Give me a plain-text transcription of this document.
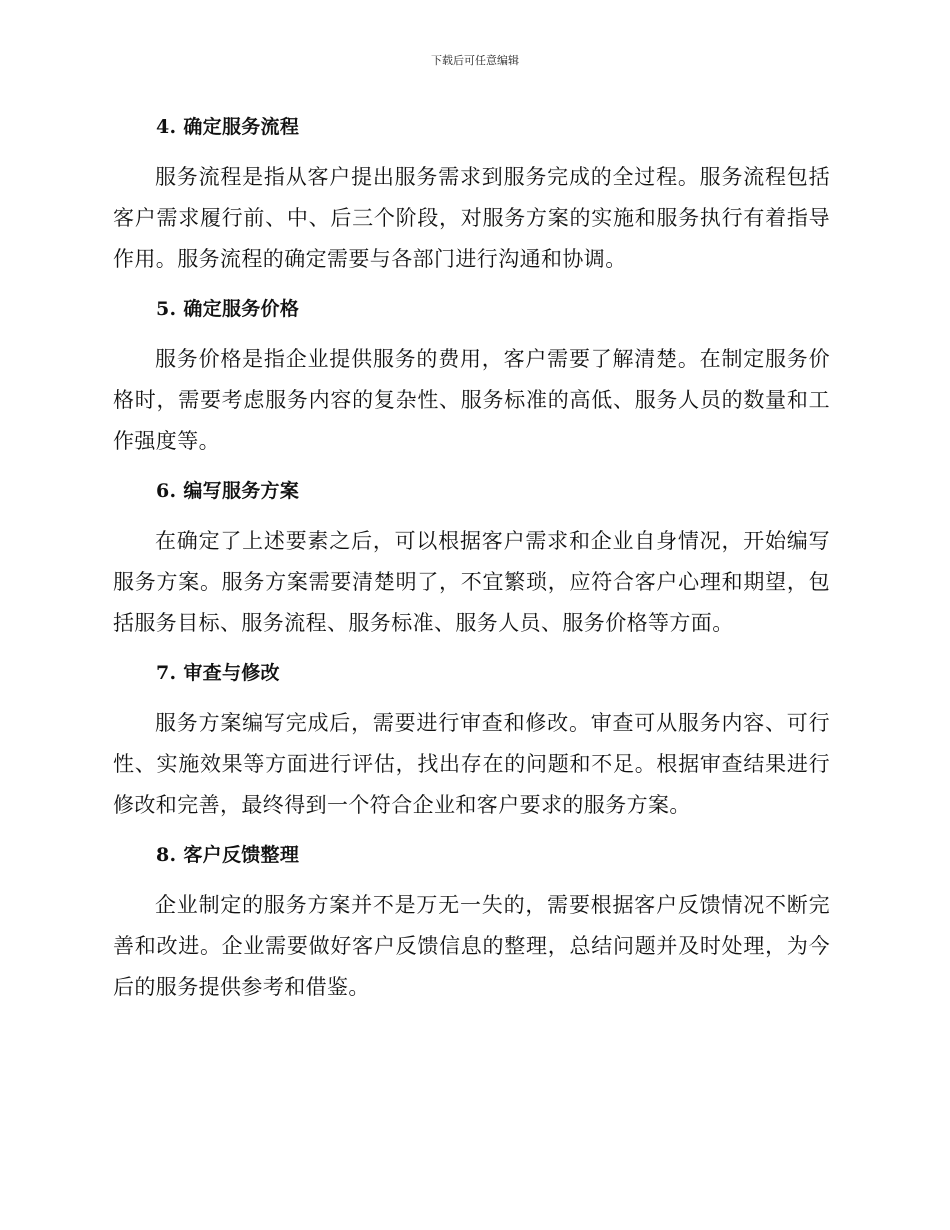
下载后可任意编辑
4. 确定服务流程

服务流程是指从客户提出服务需求到服务完成的全过程。服务流程包括客户需求履行前、中、后三个阶段，对服务方案的实施和服务执行有着指导作用。服务流程的确定需要与各部门进行沟通和协调。

5. 确定服务价格

服务价格是指企业提供服务的费用，客户需要了解清楚。在制定服务价格时，需要考虑服务内容的复杂性、服务标准的高低、服务人员的数量和工作强度等。

6. 编写服务方案

在确定了上述要素之后，可以根据客户需求和企业自身情况，开始编写服务方案。服务方案需要清楚明了，不宜繁琐，应符合客户心理和期望，包括服务目标、服务流程、服务标准、服务人员、服务价格等方面。

7. 审查与修改

服务方案编写完成后，需要进行审查和修改。审查可从服务内容、可行性、实施效果等方面进行评估，找出存在的问题和不足。根据审查结果进行修改和完善，最终得到一个符合企业和客户要求的服务方案。

8. 客户反馈整理

企业制定的服务方案并不是万无一失的，需要根据客户反馈情况不断完善和改进。企业需要做好客户反馈信息的整理，总结问题并及时处理，为今后的服务提供参考和借鉴。
